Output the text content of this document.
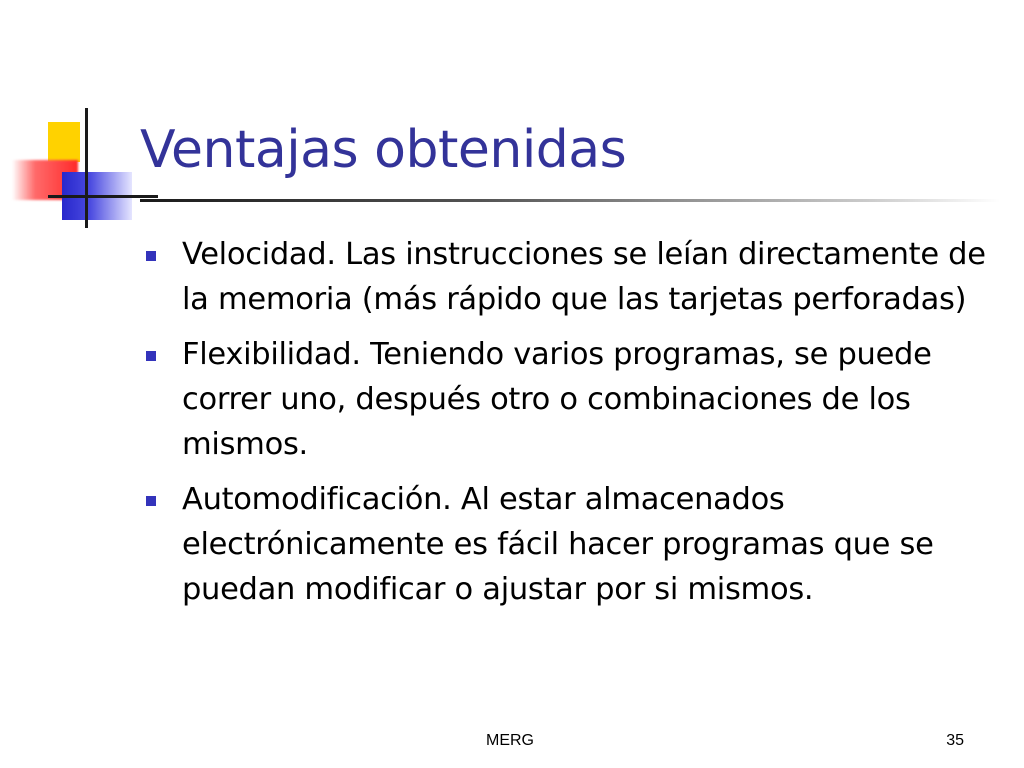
Ventajas obtenidas
Velocidad. Las instrucciones se leían directamente de la memoria (más rápido que las tarjetas perforadas)
Flexibilidad. Teniendo varios programas, se puede correr uno, después otro o combinaciones de los mismos.
Automodificación. Al estar almacenados electrónicamente es fácil hacer programas que se puedan modificar o ajustar por si mismos.
MERG	35
